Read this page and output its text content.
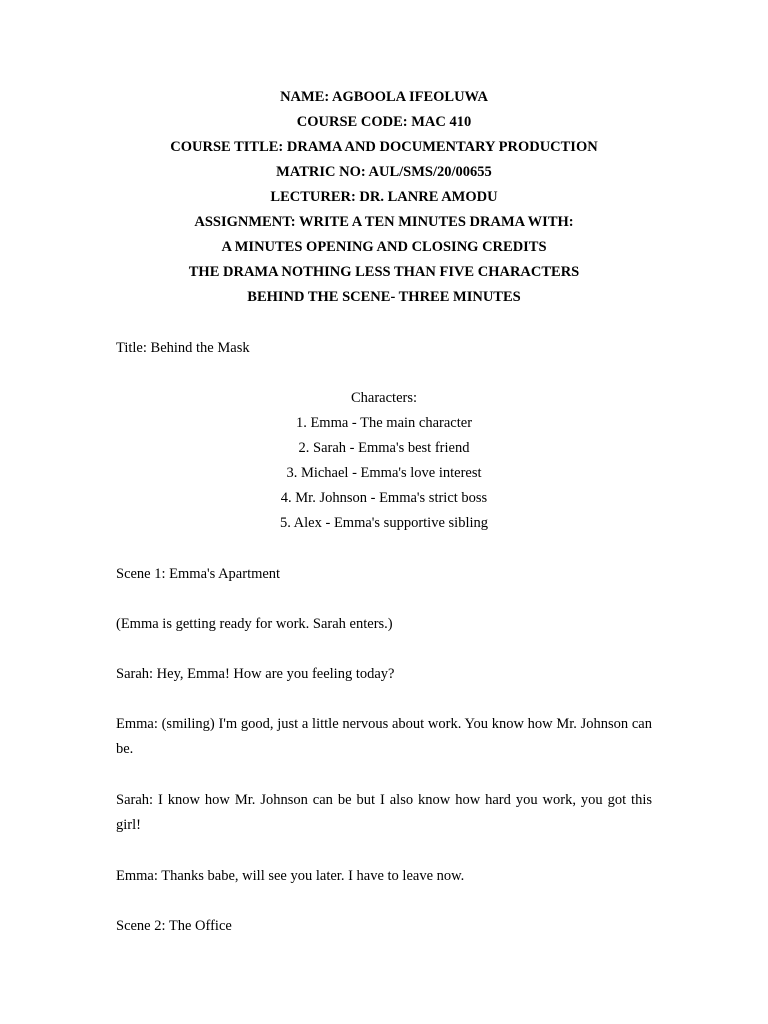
NAME: AGBOOLA IFEOLUWA
COURSE CODE: MAC 410
COURSE TITLE: DRAMA AND DOCUMENTARY PRODUCTION
MATRIC NO: AUL/SMS/20/00655
LECTURER: DR. LANRE AMODU
ASSIGNMENT: WRITE A TEN MINUTES DRAMA WITH:
A MINUTES OPENING AND CLOSING CREDITS
THE DRAMA NOTHING LESS THAN FIVE CHARACTERS
BEHIND THE SCENE- THREE MINUTES
Title: Behind the Mask
Characters:
1. Emma - The main character
2. Sarah - Emma's best friend
3. Michael - Emma's love interest
4. Mr. Johnson - Emma's strict boss
5. Alex - Emma's supportive sibling

Scene 1: Emma's Apartment

(Emma is getting ready for work. Sarah enters.)

Sarah: Hey, Emma! How are you feeling today?

Emma: (smiling) I'm good, just a little nervous about work. You know how Mr. Johnson can be.

Sarah: I know how Mr. Johnson can be but I also know how hard you work, you got this girl!

Emma: Thanks babe, will see you later. I have to leave now.

Scene 2: The Office
